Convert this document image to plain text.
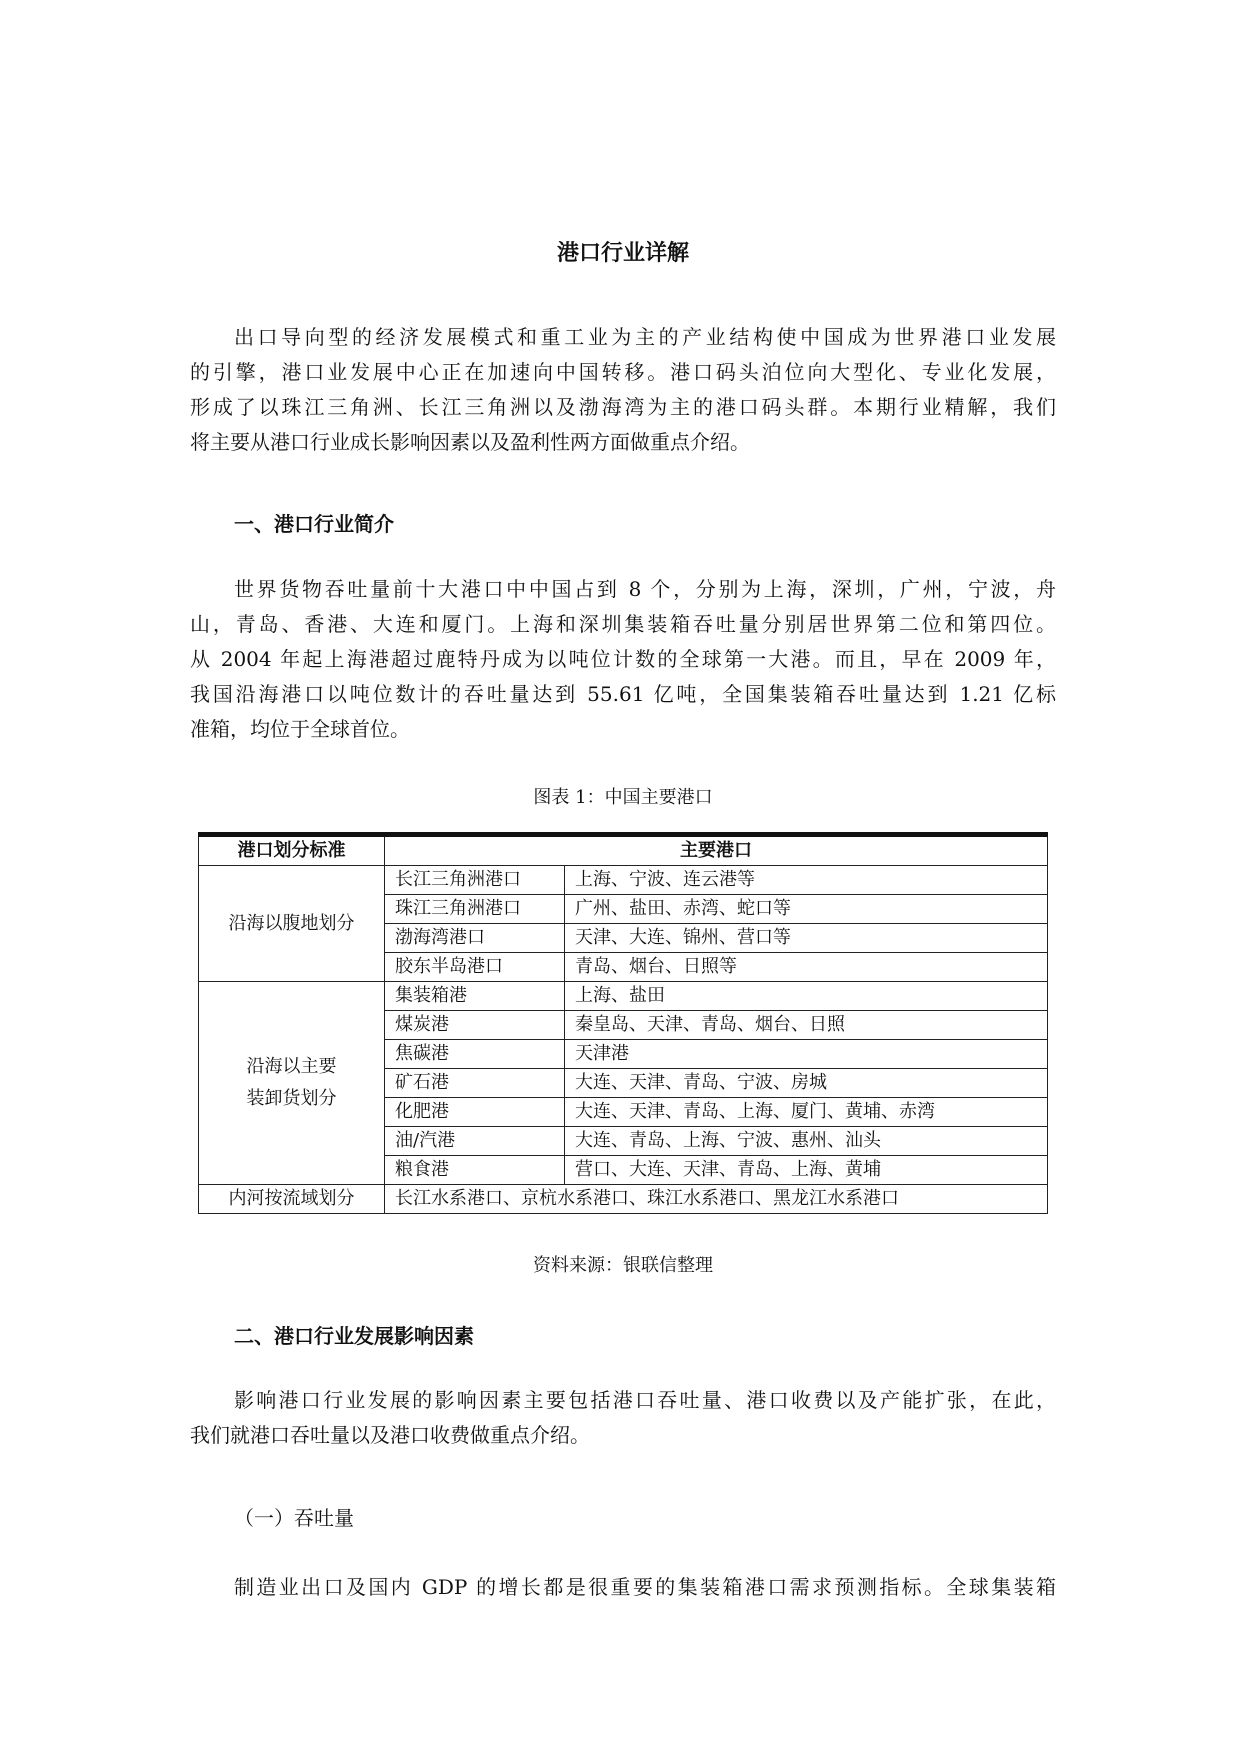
港口行业详解

出口导向型的经济发展模式和重工业为主的产业结构使中国成为世界港口业发展
的引擎，港口业发展中心正在加速向中国转移。港口码头泊位向大型化、专业化发展，
形成了以珠江三角洲、长江三角洲以及渤海湾为主的港口码头群。本期行业精解，我们
将主要从港口行业成长影响因素以及盈利性两方面做重点介绍。

一、港口行业简介

世界货物吞吐量前十大港口中中国占到 8 个，分别为上海，深圳，广州，宁波，舟
山，青岛、香港、大连和厦门。上海和深圳集装箱吞吐量分别居世界第二位和第四位。
从 2004 年起上海港超过鹿特丹成为以吨位计数的全球第一大港。而且，早在 2009 年，
我国沿海港口以吨位数计的吞吐量达到 55.61 亿吨，全国集装箱吞吐量达到 1.21 亿标
准箱，均位于全球首位。

图表 1：中国主要港口
港口划分标准	主要港口	
沿海以腹地划分	长江三角洲港口	上海、宁波、连云港等
	珠江三角洲港口	广州、盐田、赤湾、蛇口等
	渤海湾港口	天津、大连、锦州、营口等
	胶东半岛港口	青岛、烟台、日照等
沿海以主要
装卸货划分	集装箱港	上海、盐田
	煤炭港	秦皇岛、天津、青岛、烟台、日照
	焦碳港	天津港
	矿石港	大连、天津、青岛、宁波、房城
	化肥港	大连、天津、青岛、上海、厦门、黄埔、赤湾
	油/汽港	大连、青岛、上海、宁波、惠州、汕头
	粮食港	营口、大连、天津、青岛、上海、黄埔
内河按流域划分	长江水系港口、京杭水系港口、珠江水系港口、黑龙江水系港口	
资料来源：银联信整理
二、港口行业发展影响因素

影响港口行业发展的影响因素主要包括港口吞吐量、港口收费以及产能扩张，在此，
我们就港口吞吐量以及港口收费做重点介绍。

（一）吞吐量

制造业出口及国内 GDP 的增长都是很重要的集装箱港口需求预测指标。全球集装箱
